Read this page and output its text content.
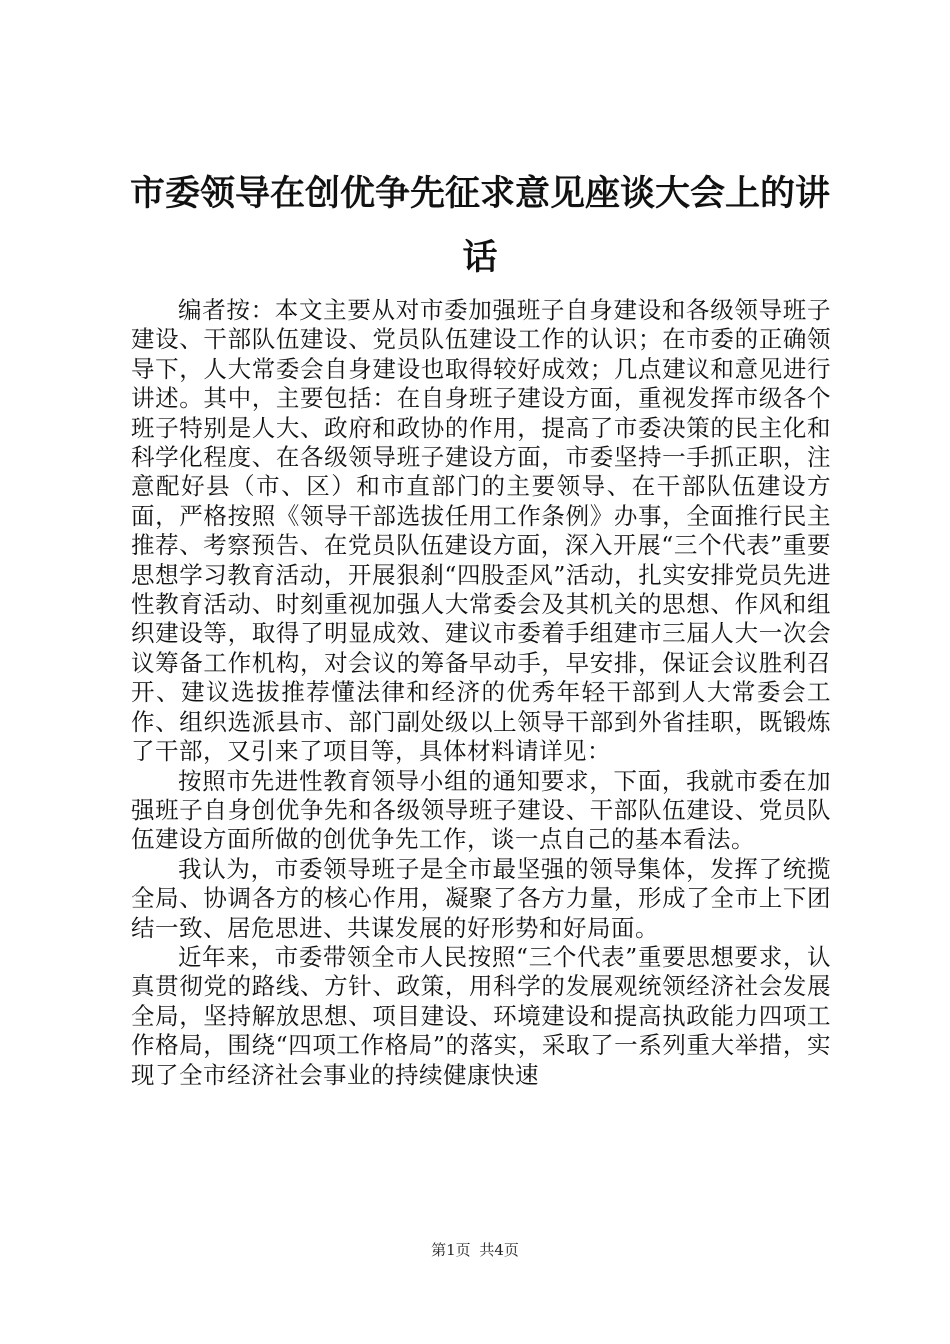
市委领导在创优争先征求意见座谈大会上的讲话

编者按：本文主要从对市委加强班子自身建设和各级领导班子建设、干部队伍建设、党员队伍建设工作的认识；在市委的正确领导下，人大常委会自身建设也取得较好成效；几点建议和意见进行讲述。其中，主要包括：在自身班子建设方面，重视发挥市级各个班子特别是人大、政府和政协的作用，提高了市委决策的民主化和科学化程度、在各级领导班子建设方面，市委坚持一手抓正职，注意配好县（市、区）和市直部门的主要领导、在干部队伍建设方面，严格按照《领导干部选拔任用工作条例》办事，全面推行民主推荐、考察预告、在党员队伍建设方面，深入开展“三个代表”重要思想学习教育活动，开展狠刹“四股歪风”活动，扎实安排党员先进性教育活动、时刻重视加强人大常委会及其机关的思想、作风和组织建设等，取得了明显成效、建议市委着手组建市三届人大一次会议筹备工作机构，对会议的筹备早动手，早安排，保证会议胜利召开、建议选拔推荐懂法律和经济的优秀年轻干部到人大常委会工作、组织选派县市、部门副处级以上领导干部到外省挂职，既锻炼了干部，又引来了项目等，具体材料请详见：

按照市先进性教育领导小组的通知要求，下面，我就市委在加强班子自身创优争先和各级领导班子建设、干部队伍建设、党员队伍建设方面所做的创优争先工作，谈一点自己的基本看法。

我认为，市委领导班子是全市最坚强的领导集体，发挥了统揽全局、协调各方的核心作用，凝聚了各方力量，形成了全市上下团结一致、居危思进、共谋发展的好形势和好局面。

近年来，市委带领全市人民按照“三个代表”重要思想要求，认真贯彻党的路线、方针、政策，用科学的发展观统领经济社会发展全局，坚持解放思想、项目建设、环境建设和提高执政能力四项工作格局，围绕“四项工作格局”的落实，采取了一系列重大举措，实现了全市经济社会事业的持续健康快速

第1页 共4页
